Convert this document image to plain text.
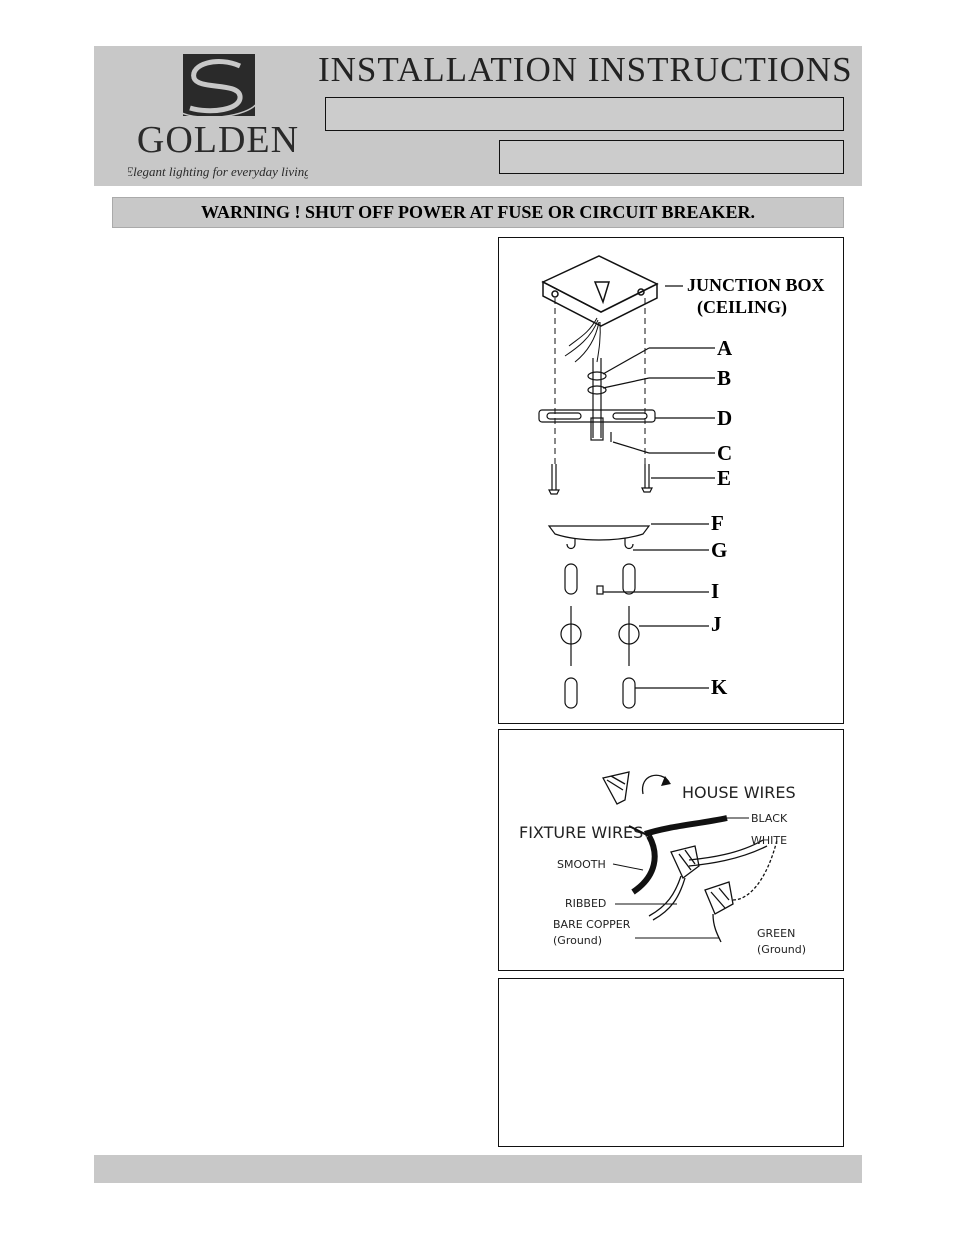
GOLDEN
Elegant lighting for everyday living
INSTALLATION INSTRUCTIONS
WARNING ! SHUT OFF POWER AT FUSE OR CIRCUIT BREAKER.
JUNCTION BOX
(CEILING)
A
B
D
C
E
F
G
I
J
K
HOUSE WIRES
FIXTURE WIRES
BLACK
WHITE
SMOOTH
RIBBED
BARE COPPER
(Ground)
GREEN
(Ground)
